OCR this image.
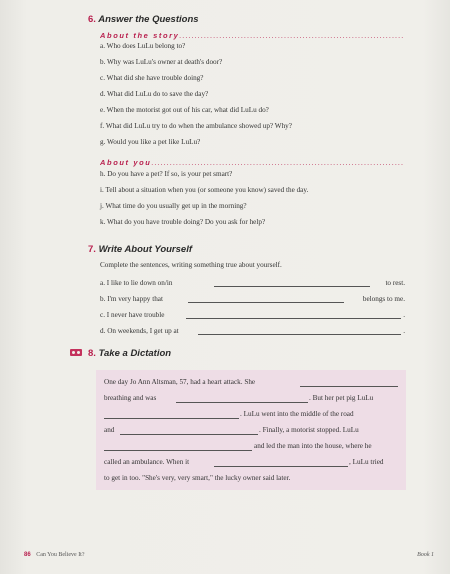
6. Answer the Questions
About the story .....
a. Who does LuLu belong to?
b. Why was LuLu's owner at death's door?
c. What did she have trouble doing?
d. What did LuLu do to save the day?
e. When the motorist got out of his car, what did LuLu do?
f. What did LuLu try to do when the ambulance showed up? Why?
g. Would you like a pet like LuLu?
About you .....
h. Do you have a pet? If so, is your pet smart?
i. Tell about a situation when you (or someone you know) saved the day.
j. What time do you usually get up in the morning?
k. What do you have trouble doing? Do you ask for help?
7. Write About Yourself
Complete the sentences, writing something true about yourself.
a. I like to lie down on/in	to rest.
b. I'm very happy that	belongs to me.
c. I never have trouble	.
d. On weekends, I get up at	.
8. Take a Dictation
One day Jo Ann Altsman, 57, had a heart attack. She
breathing and was	. But her pet pig LuLu
. LuLu went into the middle of the road
and	. Finally, a motorist stopped. LuLu
and led the man into the house, where he
called an ambulance. When it	, LuLu tried
to get in too. "She's very, very smart," the lucky owner said later.
86 Can You Believe It?	Book 1
